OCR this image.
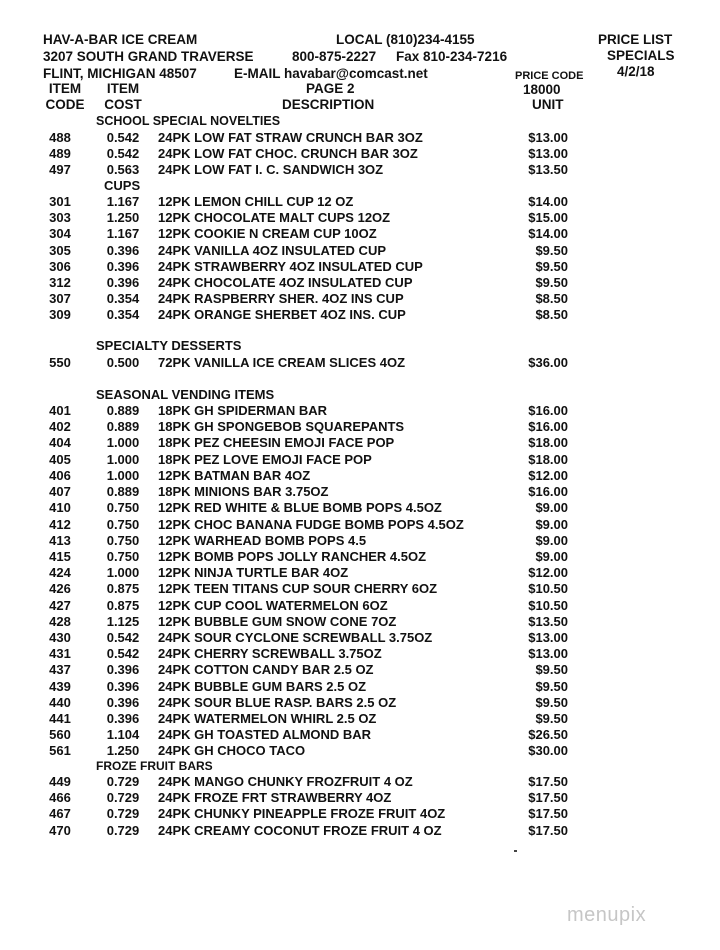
HAV-A-BAR ICE CREAM
3207 SOUTH GRAND TRAVERSE
FLINT, MICHIGAN 48507
LOCAL (810)234-4155
800-875-2227 Fax 810-234-7216
E-MAIL havabar@comcast.net
PRICE LIST
SPECIALS
4/2/18
PRICE CODE
18000
UNIT
PAGE 2
DESCRIPTION
ITEM
CODE
ITEM
COST
SCHOOL SPECIAL NOVELTIES
CUPS
SPECIALTY DESSERTS
SEASONAL VENDING ITEMS
FROZE FRUIT BARS
488	0.542	24PK LOW FAT STRAW CRUNCH BAR 3OZ	$13.00
489	0.542	24PK LOW FAT CHOC. CRUNCH BAR 3OZ	$13.00
497	0.563	24PK LOW FAT I. C. SANDWICH 3OZ	$13.50
301	1.167	12PK LEMON CHILL CUP 12 OZ	$14.00
303	1.250	12PK CHOCOLATE MALT CUPS 12OZ	$15.00
304	1.167	12PK COOKIE N CREAM CUP 10OZ	$14.00
305	0.396	24PK VANILLA 4OZ INSULATED CUP	$9.50
306	0.396	24PK STRAWBERRY 4OZ INSULATED CUP	$9.50
312	0.396	24PK CHOCOLATE 4OZ INSULATED CUP	$9.50
307	0.354	24PK RASPBERRY SHER. 4OZ INS CUP	$8.50
309	0.354	24PK ORANGE SHERBET 4OZ INS. CUP	$8.50
550	0.500	72PK VANILLA ICE CREAM SLICES 4OZ	$36.00
401	0.889	18PK GH SPIDERMAN BAR	$16.00
402	0.889	18PK GH SPONGEBOB SQUAREPANTS	$16.00
404	1.000	18PK PEZ CHEESIN EMOJI FACE POP	$18.00
405	1.000	18PK PEZ LOVE EMOJI FACE POP	$18.00
406	1.000	12PK BATMAN BAR 4OZ	$12.00
407	0.889	18PK MINIONS BAR 3.75OZ	$16.00
410	0.750	12PK RED WHITE & BLUE BOMB POPS 4.5OZ	$9.00
412	0.750	12PK CHOC BANANA FUDGE BOMB POPS 4.5OZ	$9.00
413	0.750	12PK WARHEAD BOMB POPS 4.5	$9.00
415	0.750	12PK BOMB POPS JOLLY RANCHER 4.5OZ	$9.00
424	1.000	12PK NINJA TURTLE BAR 4OZ	$12.00
426	0.875	12PK TEEN TITANS CUP SOUR CHERRY 6OZ	$10.50
427	0.875	12PK CUP COOL WATERMELON 6OZ	$10.50
428	1.125	12PK BUBBLE GUM SNOW CONE 7OZ	$13.50
430	0.542	24PK SOUR CYCLONE SCREWBALL 3.75OZ	$13.00
431	0.542	24PK CHERRY SCREWBALL 3.75OZ	$13.00
437	0.396	24PK COTTON CANDY BAR 2.5 OZ	$9.50
439	0.396	24PK BUBBLE GUM BARS 2.5 OZ	$9.50
440	0.396	24PK SOUR BLUE RASP. BARS 2.5 OZ	$9.50
441	0.396	24PK WATERMELON WHIRL 2.5 OZ	$9.50
560	1.104	24PK GH TOASTED ALMOND BAR	$26.50
561	1.250	24PK GH CHOCO TACO	$30.00
449	0.729	24PK MANGO CHUNKY FROZFRUIT 4 OZ	$17.50
466	0.729	24PK FROZE FRT STRAWBERRY 4OZ	$17.50
467	0.729	24PK CHUNKY PINEAPPLE FROZE FRUIT 4OZ	$17.50
470	0.729	24PK CREAMY COCONUT FROZE FRUIT 4 OZ	$17.50
menupix
